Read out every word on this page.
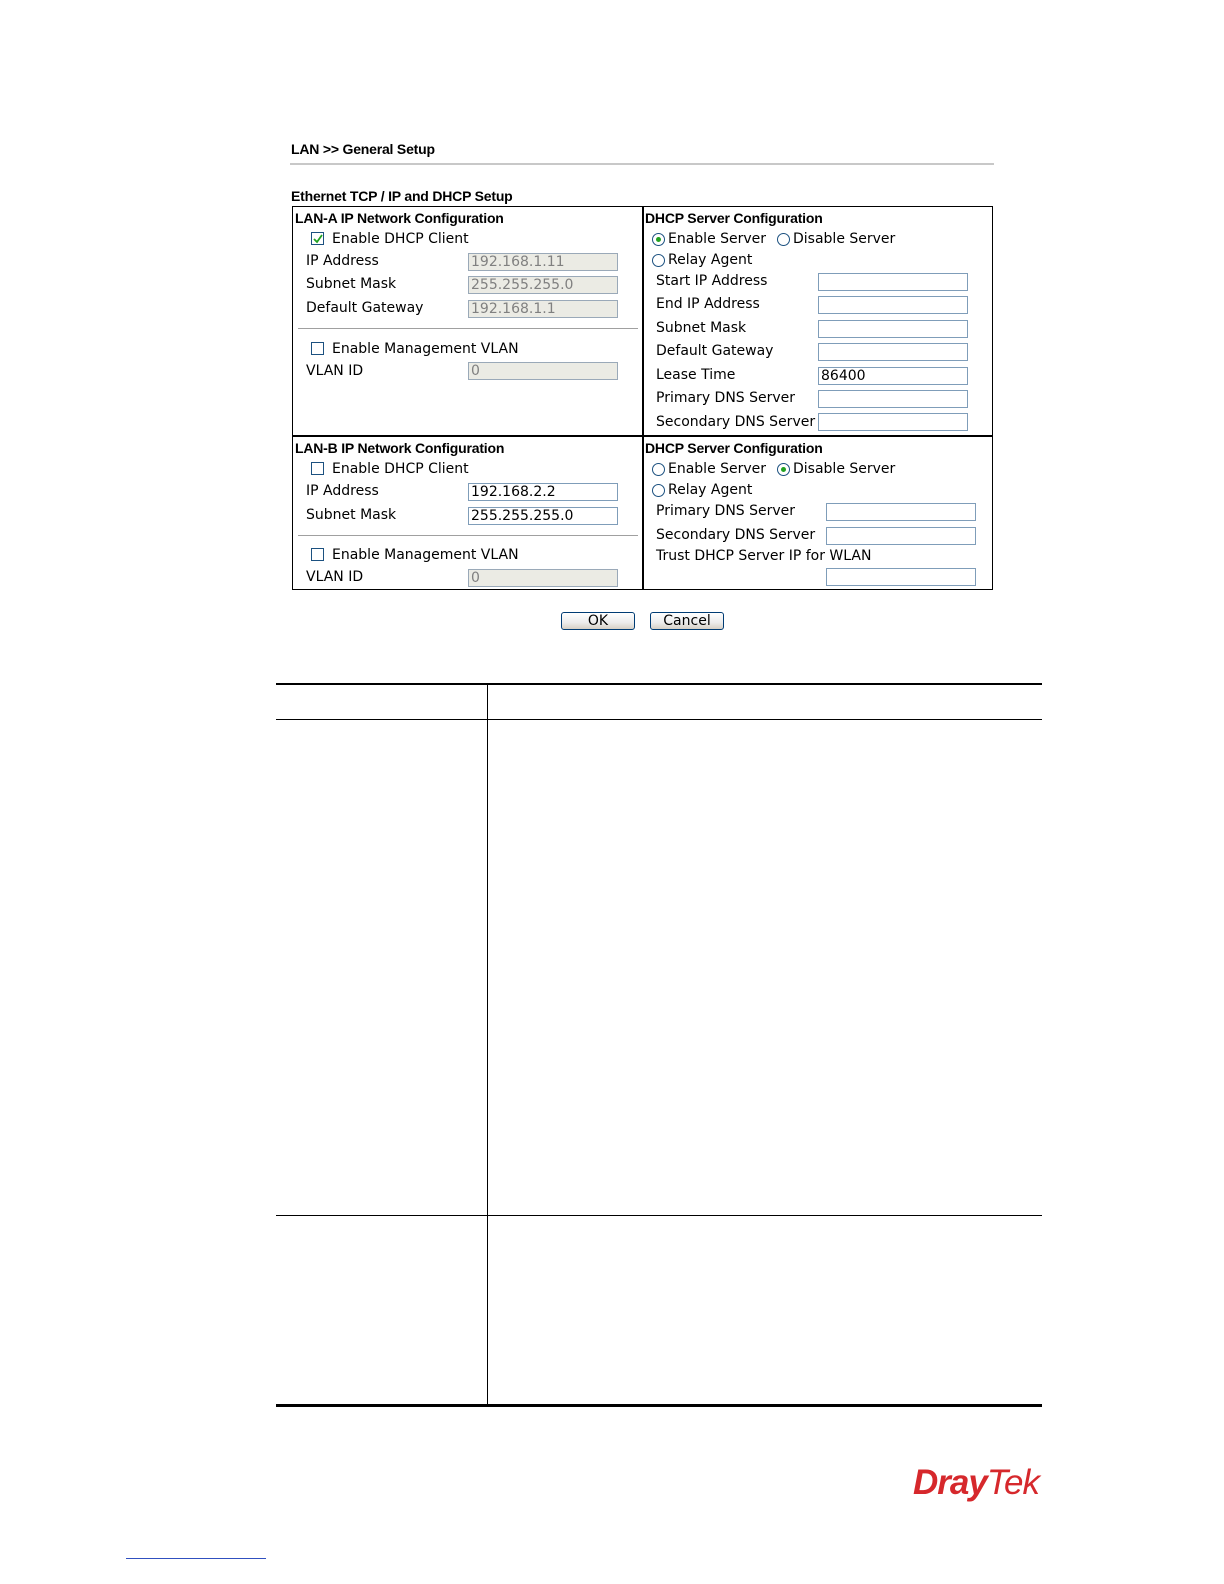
LAN >> General Setup
Ethernet TCP / IP and DHCP Setup
LAN-A IP Network Configuration
Enable DHCP Client
IP Address
192.168.1.11
Subnet Mask
255.255.255.0
Default Gateway
192.168.1.1
Enable Management VLAN
VLAN ID
0
DHCP Server Configuration
Enable Server Disable Server
Relay Agent
Start IP Address
End IP Address
Subnet Mask
Default Gateway
Lease Time
86400
Primary DNS Server
Secondary DNS Server
LAN-B IP Network Configuration
Enable DHCP Client
IP Address
192.168.2.2
Subnet Mask
255.255.255.0
Enable Management VLAN
VLAN ID
0
DHCP Server Configuration
Enable Server Disable Server
Relay Agent
Primary DNS Server
Secondary DNS Server
Trust DHCP Server IP for WLAN
OK	Cancel
DrayTek
